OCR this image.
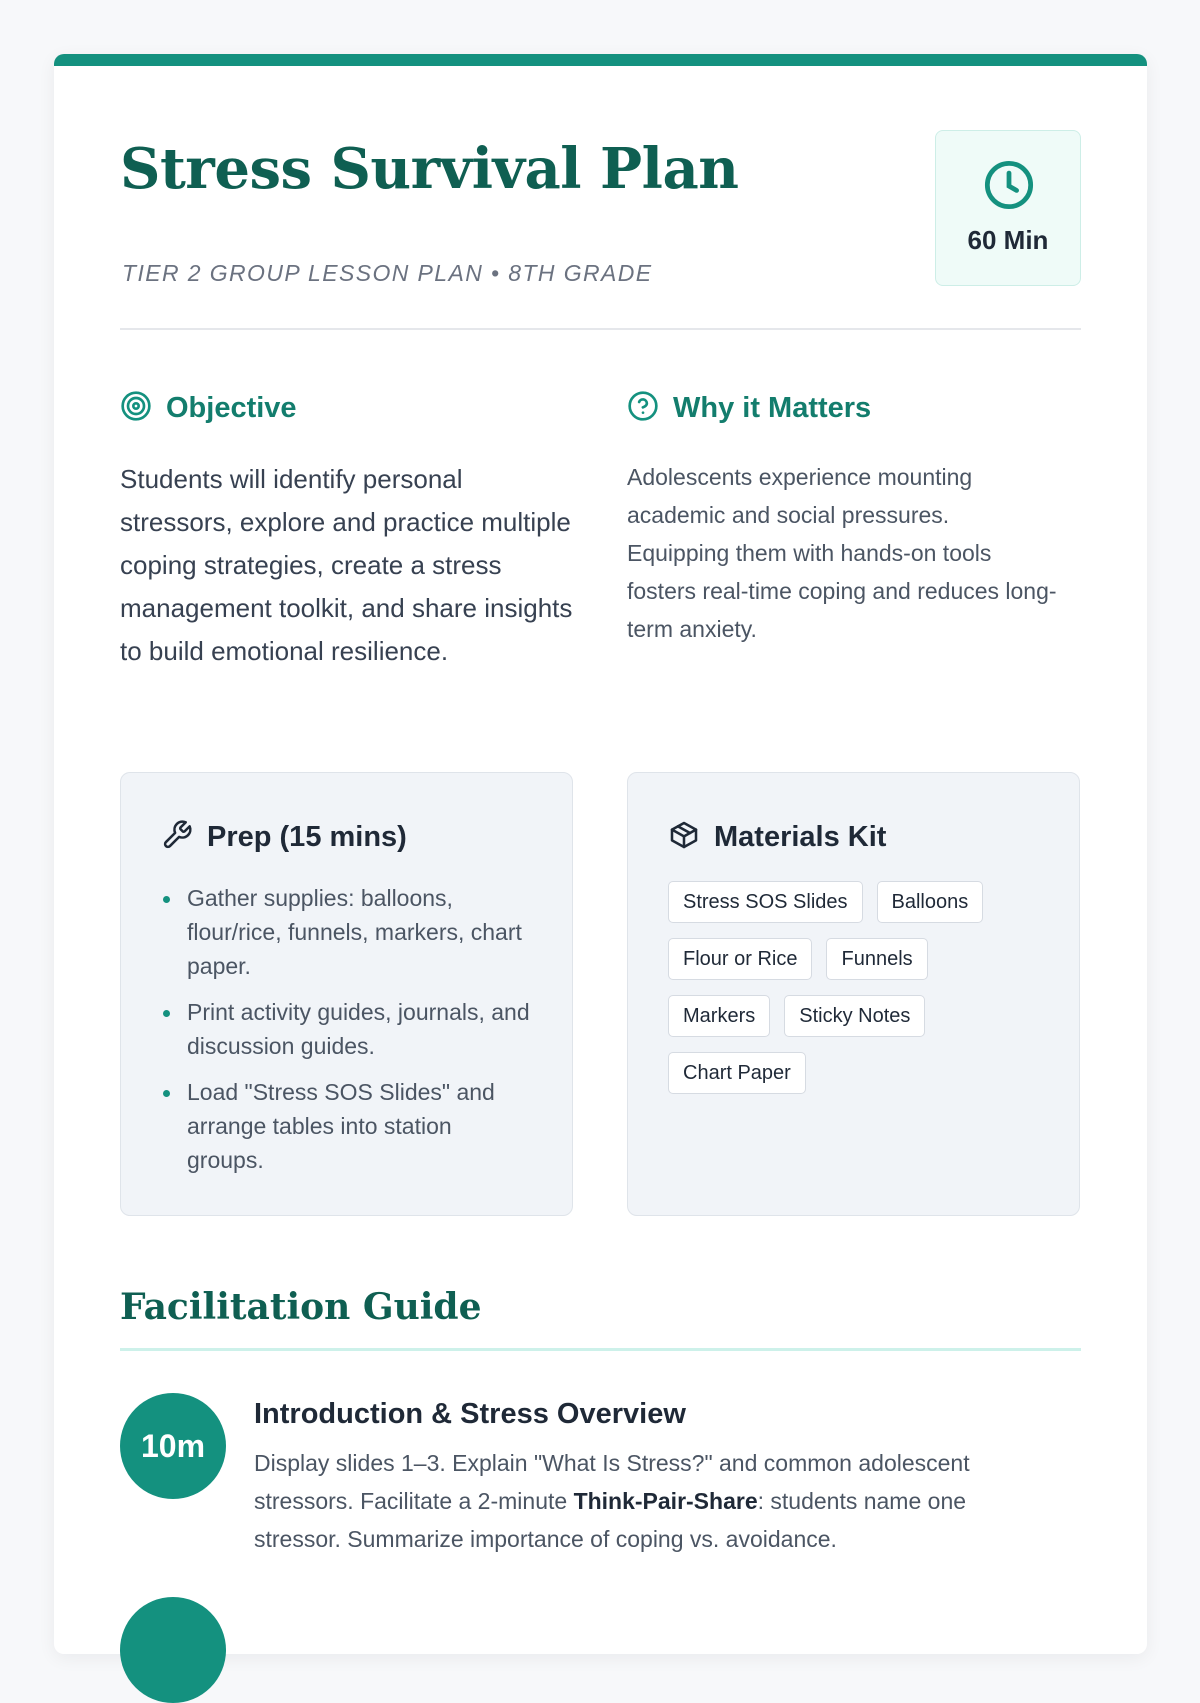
Stress Survival Plan
TIER 2 GROUP LESSON PLAN • 8TH GRADE
60 Min
Objective

Students will identify personal stressors, explore and practice multiple coping strategies, create a stress management toolkit, and share insights to build emotional resilience.

Why it Matters

Adolescents experience mounting academic and social pressures. Equipping them with hands-on tools fosters real-time coping and reduces long-term anxiety.

Prep (15 mins)
Gather supplies: balloons, flour/rice, funnels, markers, chart paper.
Print activity guides, journals, and discussion guides.
Load "Stress SOS Slides" and arrange tables into station groups.
Materials Kit
Stress SOS Slides	Balloons
Flour or Rice	Funnels
Markers	Sticky Notes
Chart Paper
Facilitation Guide
10m
Introduction & Stress Overview

Display slides 1–3. Explain "What Is Stress?" and common adolescent stressors. Facilitate a 2-minute Think-Pair-Share: students name one stressor. Summarize importance of coping vs. avoidance.
